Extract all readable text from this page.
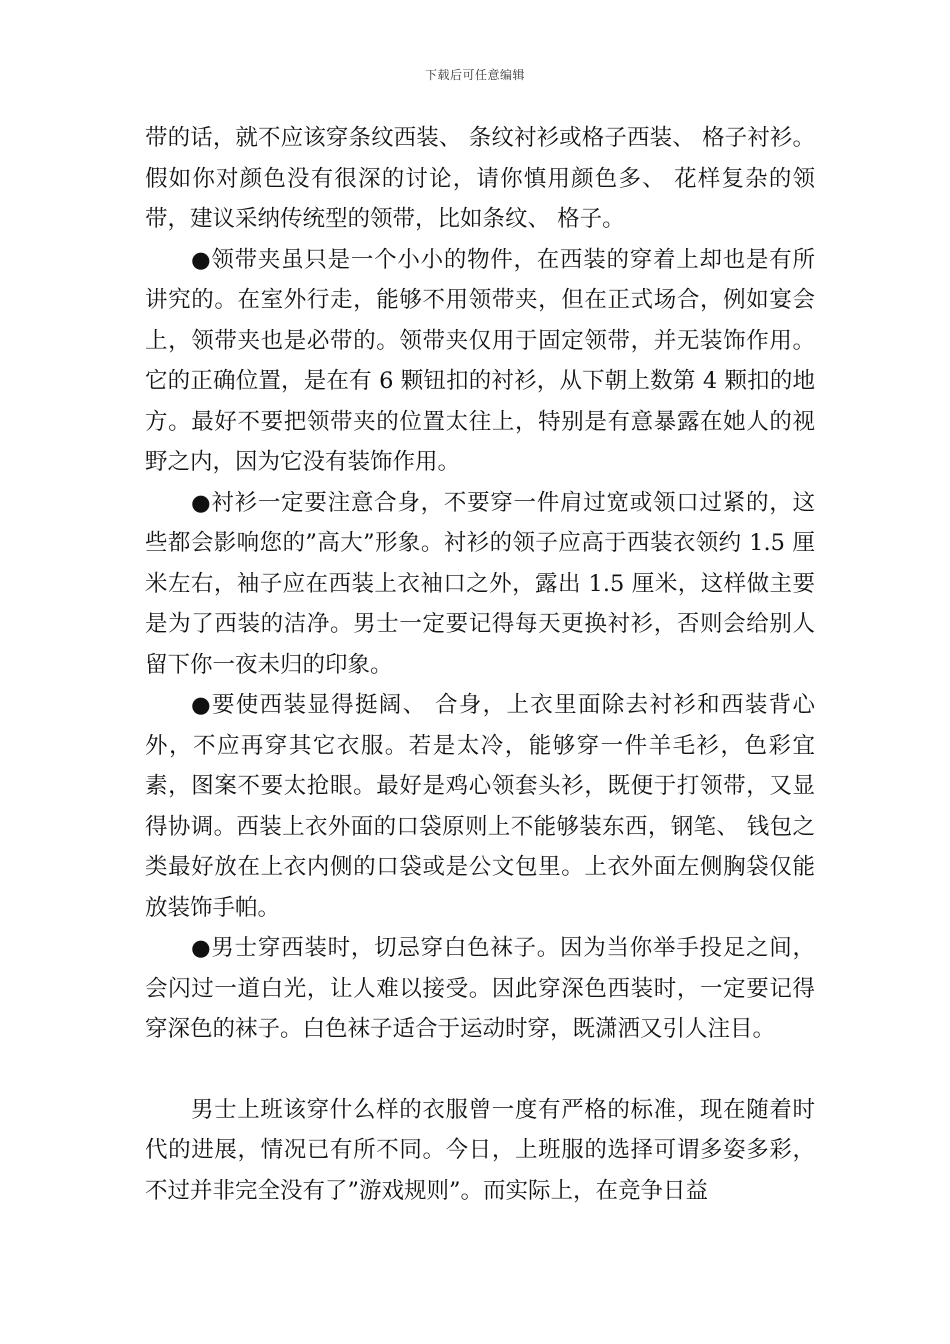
下载后可任意编辑

带的话，就不应该穿条纹西装、 条纹衬衫或格子西装、 格子衬衫。假如你对颜色没有很深的讨论，请你慎用颜色多、 花样复杂的领带，建议采纳传统型的领带，比如条纹、 格子。

●领带夹虽只是一个小小的物件，在西装的穿着上却也是有所讲究的。在室外行走，能够不用领带夹，但在正式场合，例如宴会上，领带夹也是必带的。领带夹仅用于固定领带，并无装饰作用。它的正确位置，是在有 6 颗钮扣的衬衫，从下朝上数第 4 颗扣的地方。最好不要把领带夹的位置太往上，特别是有意暴露在她人的视野之内，因为它没有装饰作用。

●衬衫一定要注意合身，不要穿一件肩过宽或领口过紧的，这些都会影响您的”高大”形象。衬衫的领子应高于西装衣领约 1.5 厘米左右，袖子应在西装上衣袖口之外，露出 1.5 厘米，这样做主要是为了西装的洁净。男士一定要记得每天更换衬衫，否则会给别人留下你一夜未归的印象。

●要使西装显得挺阔、 合身，上衣里面除去衬衫和西装背心外，不应再穿其它衣服。若是太冷，能够穿一件羊毛衫，色彩宜素，图案不要太抢眼。最好是鸡心领套头衫，既便于打领带，又显得协调。西装上衣外面的口袋原则上不能够装东西，钢笔、 钱包之类最好放在上衣内侧的口袋或是公文包里。上衣外面左侧胸袋仅能放装饰手帕。

●男士穿西装时，切忌穿白色袜子。因为当你举手投足之间，会闪过一道白光，让人难以接受。因此穿深色西装时，一定要记得穿深色的袜子。白色袜子适合于运动时穿，既潇洒又引人注目。

男士上班该穿什么样的衣服曾一度有严格的标准，现在随着时代的进展，情况已有所不同。今日，上班服的选择可谓多姿多彩，不过并非完全没有了”游戏规则”。而实际上，在竞争日益
